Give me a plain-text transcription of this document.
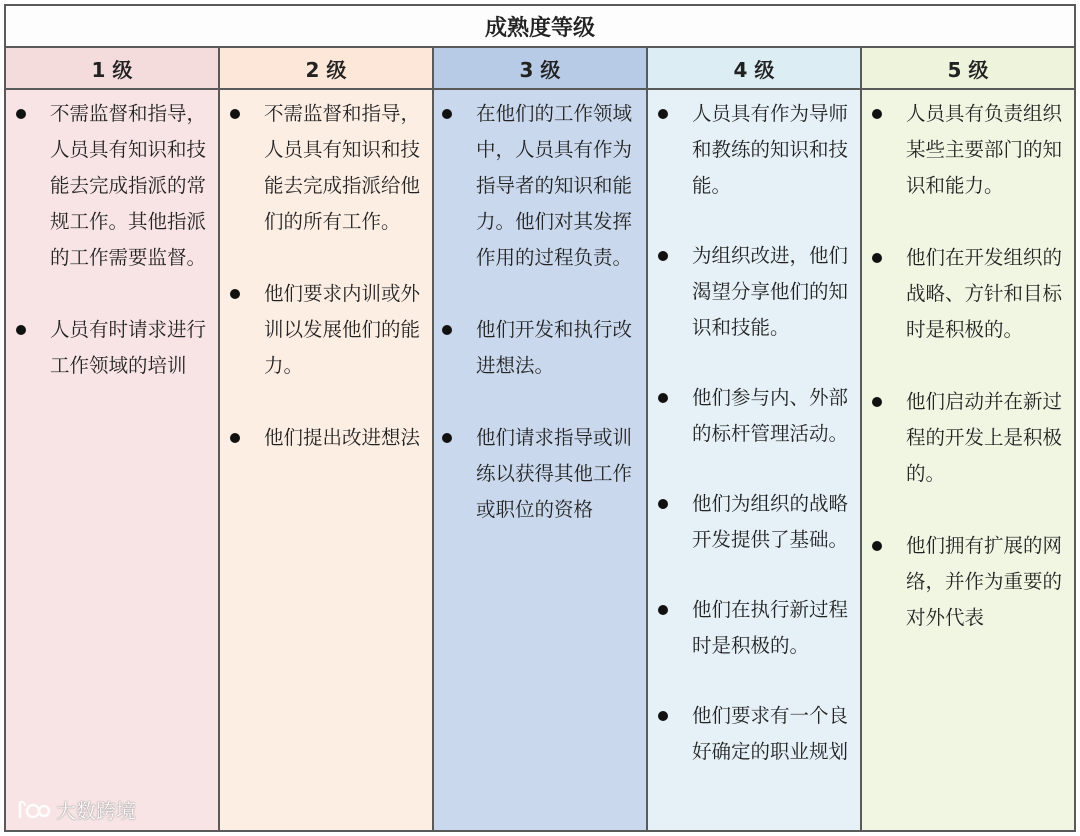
成熟度等级
1 级
不需监督和指导，人员具有知识和技能去完成指派的常规工作。其他指派的工作需要监督。
人员有时请求进行工作领域的培训
2 级
不需监督和指导，人员具有知识和技能去完成指派给他们的所有工作。
他们要求内训或外训以发展他们的能力。
他们提出改进想法
3 级
在他们的工作领域中，人员具有作为指导者的知识和能力。他们对其发挥作用的过程负责。
他们开发和执行改进想法。
他们请求指导或训练以获得其他工作或职位的资格
4 级
人员具有作为导师和教练的知识和技能。
为组织改进，他们渴望分享他们的知识和技能。
他们参与内、外部的标杆管理活动。
他们为组织的战略开发提供了基础。
他们在执行新过程时是积极的。
他们要求有一个良好确定的职业规划
5 级
人员具有负责组织某些主要部门的知识和能力。
他们在开发组织的战略、方针和目标时是积极的。
他们启动并在新过程的开发上是积极的。
他们拥有扩展的网络，并作为重要的对外代表
大数跨境
